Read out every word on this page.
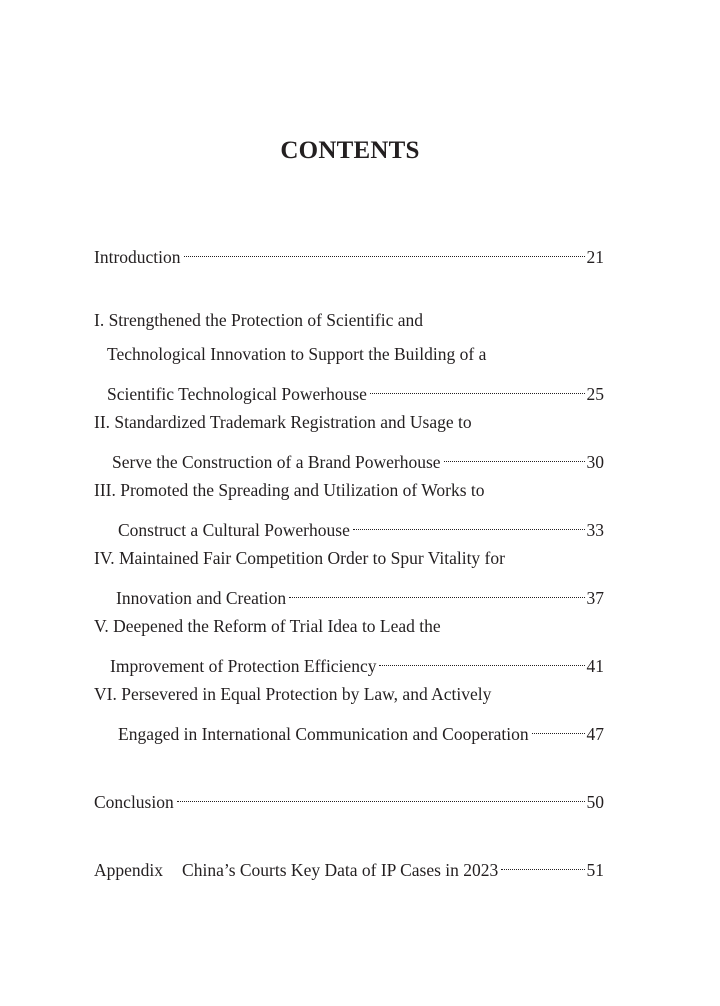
CONTENTS
Introduction	21
I. Strengthened the Protection of Scientific and
Technological Innovation to Support the Building of a
Scientific Technological Powerhouse	25
II. Standardized Trademark Registration and Usage to
Serve the Construction of a Brand Powerhouse	30
III. Promoted the Spreading and Utilization of Works to
Construct a Cultural Powerhouse	33
IV. Maintained Fair Competition Order to Spur Vitality for
Innovation and Creation	37
V. Deepened the Reform of Trial Idea to Lead the
Improvement of Protection Efficiency	41
VI. Persevered in Equal Protection by Law, and Actively
Engaged in International Communication and Cooperation	47
Conclusion	50
Appendix China’s Courts Key Data of IP Cases in 2023	51
